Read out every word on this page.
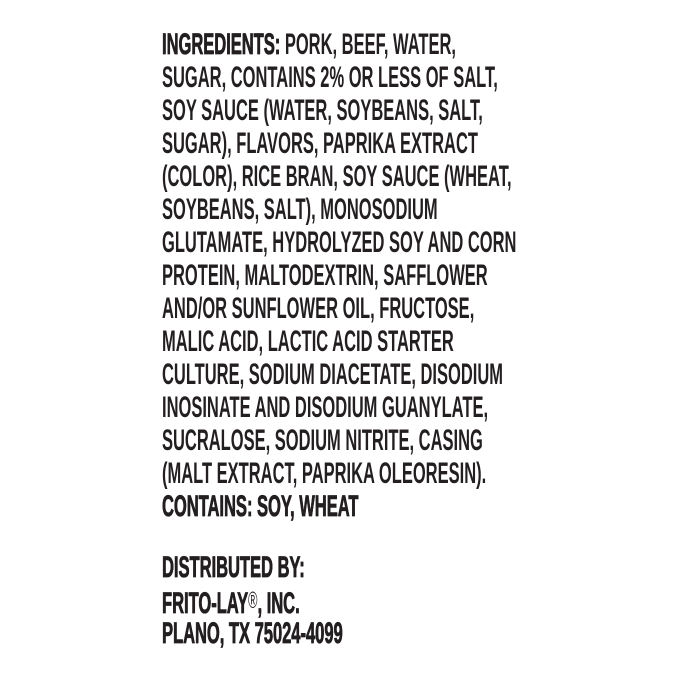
INGREDIENTS: PORK, BEEF, WATER,
SUGAR, CONTAINS 2% OR LESS OF SALT,
SOY SAUCE (WATER, SOYBEANS, SALT,
SUGAR), FLAVORS, PAPRIKA EXTRACT
(COLOR), RICE BRAN, SOY SAUCE (WHEAT,
SOYBEANS, SALT), MONOSODIUM
GLUTAMATE, HYDROLYZED SOY AND CORN
PROTEIN, MALTODEXTRIN, SAFFLOWER
AND/OR SUNFLOWER OIL, FRUCTOSE,
MALIC ACID, LACTIC ACID STARTER
CULTURE, SODIUM DIACETATE, DISODIUM
INOSINATE AND DISODIUM GUANYLATE,
SUCRALOSE, SODIUM NITRITE, CASING
(MALT EXTRACT, PAPRIKA OLEORESIN).
CONTAINS: SOY, WHEAT
DISTRIBUTED BY:
FRITO-LAY®, INC.
PLANO, TX 75024-4099
